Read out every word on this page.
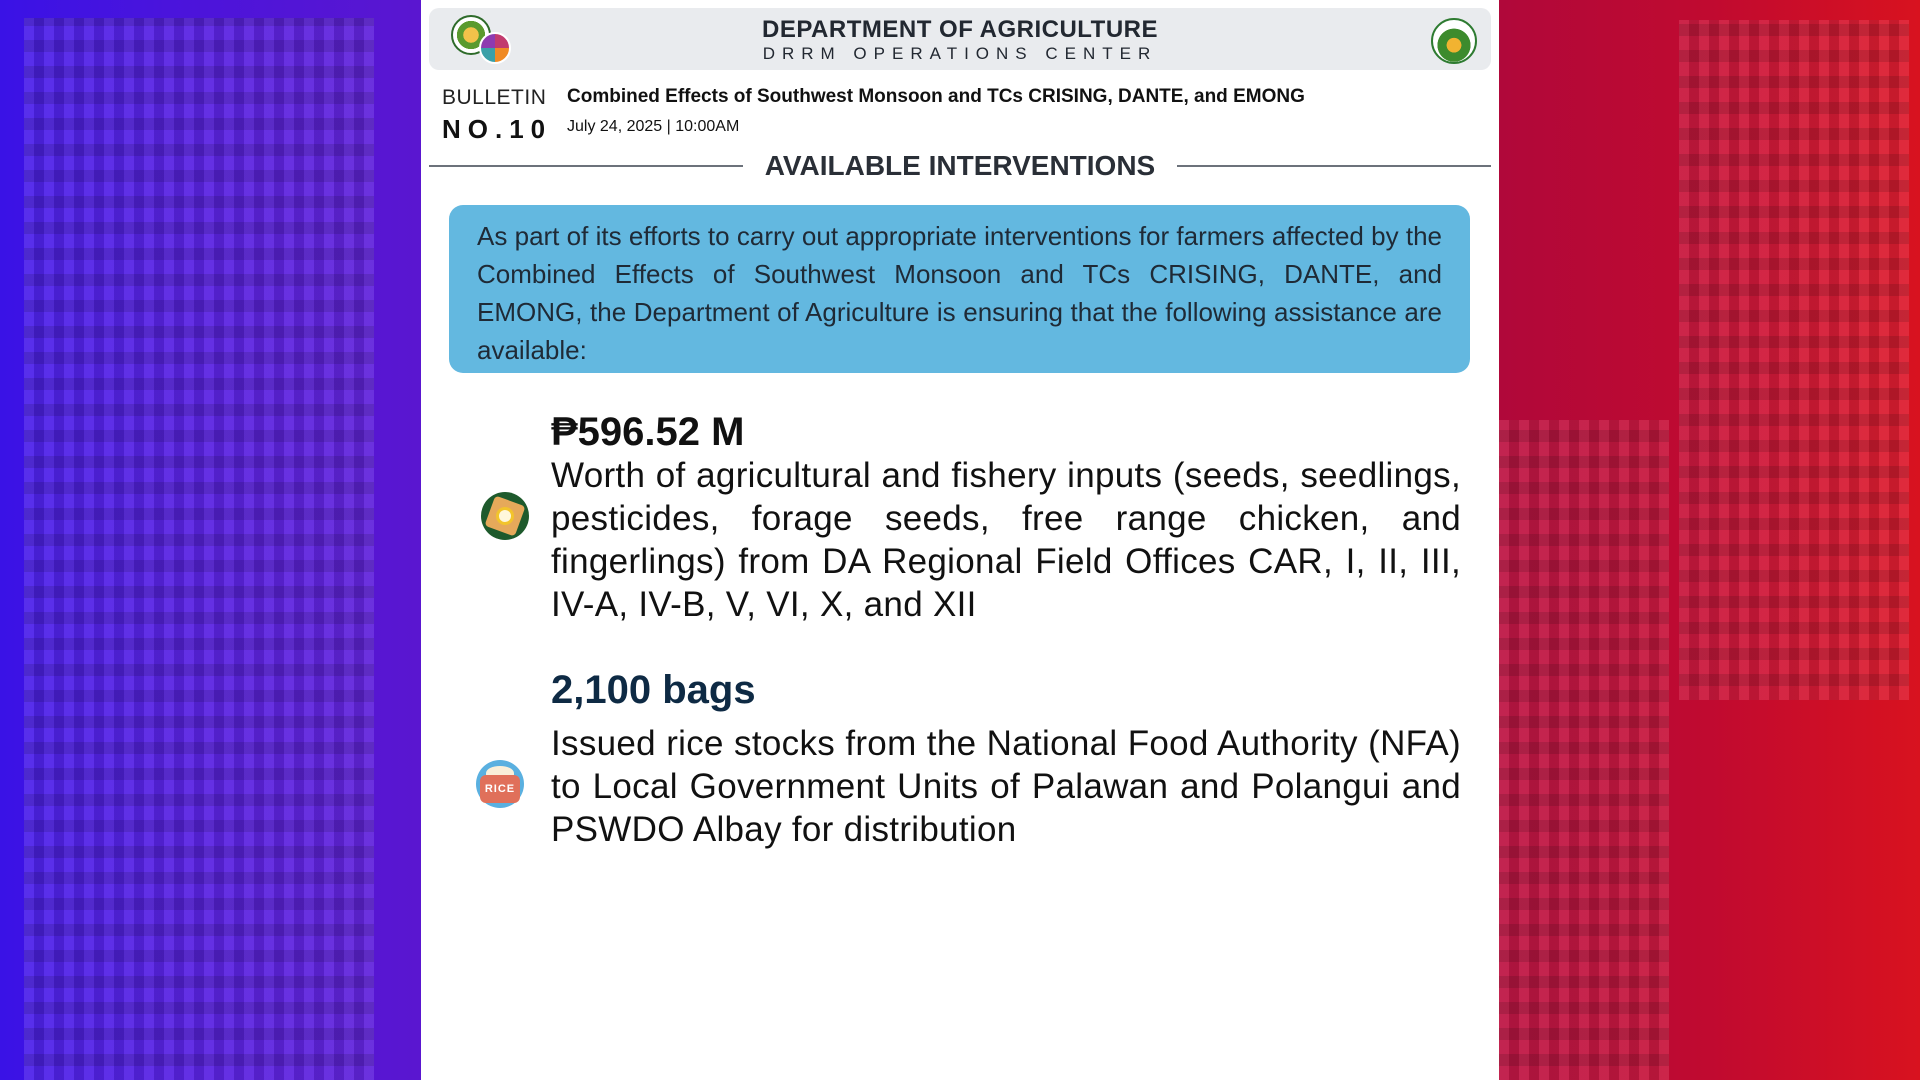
DEPARTMENT OF AGRICULTURE
DRRM OPERATIONS CENTER
BULLETIN
NO.10
Combined Effects of Southwest Monsoon and TCs CRISING, DANTE, and EMONG
July 24, 2025 | 10:00AM
AVAILABLE INTERVENTIONS

As part of its efforts to carry out appropriate interventions for farmers affected by the Combined Effects of Southwest Monsoon and TCs CRISING, DANTE, and EMONG, the Department of Agriculture is ensuring that the following assistance are available:

₱596.52 M

Worth of agricultural and fishery inputs (seeds, seedlings, pesticides, forage seeds, free range chicken, and fingerlings) from DA Regional Field Offices CAR, I, II, III, IV-A, IV-B, V, VI, X, and XII

RICE
2,100 bags

Issued rice stocks from the National Food Authority (NFA) to Local Government Units of Palawan and Polangui and PSWDO Albay for distribution
